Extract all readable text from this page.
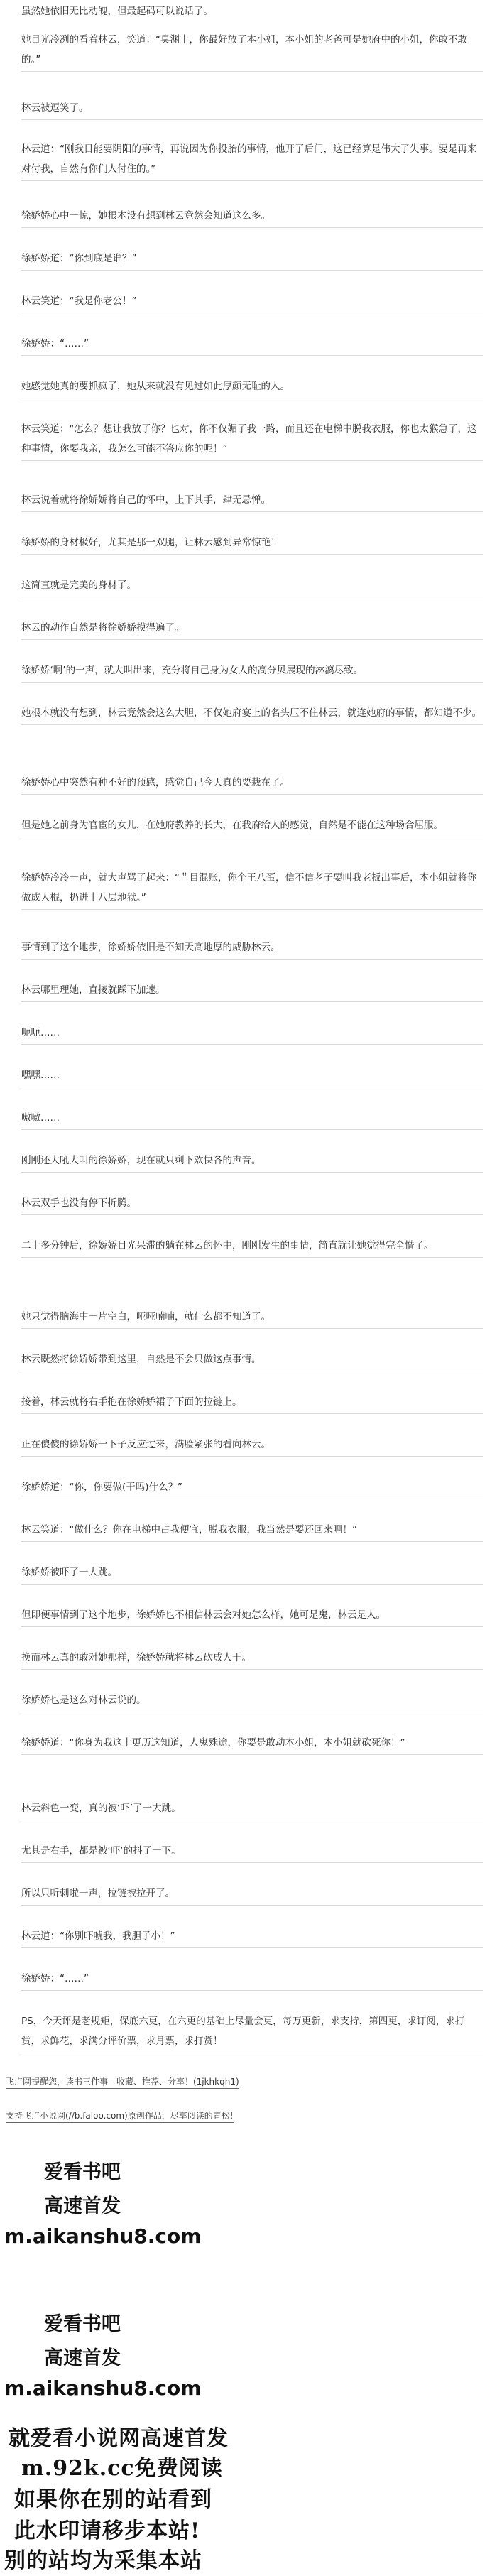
虽然她依旧无比动魄，但最起码可以说话了。
她目光冷冽的看着林云，笑道：“臭渊十，你最好放了本小姐，本小姐的老爸可是她府中的小姐，你敢不敢的。”
林云被逗笑了。
林云道：“刚我日能要阴阳的事情，再说因为你投胎的事情，他开了后门，这已经算是伟大了失事。要是再来对付我，自然有你们人付住的。”
徐娇娇心中一惊，她根本没有想到林云竟然会知道这么多。
徐娇娇道：“你到底是谁？”
林云笑道：“我是你老公！”
徐娇娇：“……”
她感觉她真的要抓疯了，她从来就没有见过如此厚颜无耻的人。
林云笑道：“怎么？想让我放了你？也对，你不仅媚了我一路，而且还在电梯中脱我衣服，你也太猴急了，这种事情，你要我亲，我怎么可能不答应你的呢！”
林云说着就将徐娇娇将自己的怀中，上下其手，肆无忌惮。
徐娇娇的身材极好，尤其是那一双腿，让林云感到异常惊艳！
这简直就是完美的身材了。
林云的动作自然是将徐娇娇摸得遍了。
徐娇娇‘啊’的一声，就大叫出来，充分将自己身为女人的高分贝展现的淋漓尽致。
她根本就没有想到，林云竟然会这么大胆，不仅她府宴上的名头压不住林云，就连她府的事情，都知道不少。
徐娇娇心中突然有种不好的预感，感觉自己今天真的要栽在了。
但是她之前身为官宦的女儿，在她府教养的长大，在我府给人的感觉，自然是不能在这种场合屈服。
徐娇娇冷冷一声，就大声骂了起来：“＂目混账，你个王八蛋，信不信老子要叫我老板出事后，本小姐就将你做成人棍，扔进十八层地狱。”
事情到了这个地步，徐娇娇依旧是不知天高地厚的威胁林云。
林云哪里理她，直接就踩下加速。
呃呃……
嘿嘿……
嗷嗷……
刚刚还大吼大叫的徐娇娇，现在就只剩下欢快各的声音。
林云双手也没有停下折腾。
二十多分钟后，徐娇娇目光呆滞的躺在林云的怀中，刚刚发生的事情，简直就让她觉得完全懵了。
她只觉得脑海中一片空白，哑哑喃喃，就什么都不知道了。
林云既然将徐娇娇带到这里，自然是不会只做这点事情。
接着，林云就将右手抱在徐娇娇裙子下面的拉链上。
正在傻傻的徐娇娇一下子反应过来，满脸紧张的看向林云。
徐娇娇道：“你，你要做(干吗)什么？”
林云笑道：“做什么？你在电梯中占我便宜，脱我衣服，我当然是要还回来啊！”
徐娇娇被吓了一大跳。
但即便事情到了这个地步，徐娇娇也不相信林云会对她怎么样，她可是鬼，林云是人。
换而林云真的敢对她那样，徐娇娇就将林云砍成人干。
徐娇娇也是这么对林云说的。
徐娇娇道：“你身为我这十更历这知道，人鬼殊途，你要是敢动本小姐，本小姐就砍死你！”
林云斜色一变，真的被‘吓’了一大跳。
尤其是右手，都是被‘吓’的抖了一下。
所以只听刺啦一声，拉链被拉开了。
林云道：“你别吓唬我，我胆子小！”
徐娇娇：“……”
PS，今天评是老规矩，保底六更，在六更的基础上尽量会更，每万更新，求支持，第四更，求订阅，求打赏，求鲜花，求满分评价票，求月票，求打赏！
飞卢网提醒您，读书三件事 - 收藏、推荐、分享！(1jkhkqh1)
支持飞卢小说网(//b.faloo.com)原创作品，尽享阅读的青松!
爱看书吧
高速首发
m.aikanshu8.com
爱看书吧
高速首发
m.aikanshu8.com
就爱看小说网高速首发
m.92k.cc免费阅读
如果你在别的站看到
此水印请移步本站!
别的站均为采集本站
